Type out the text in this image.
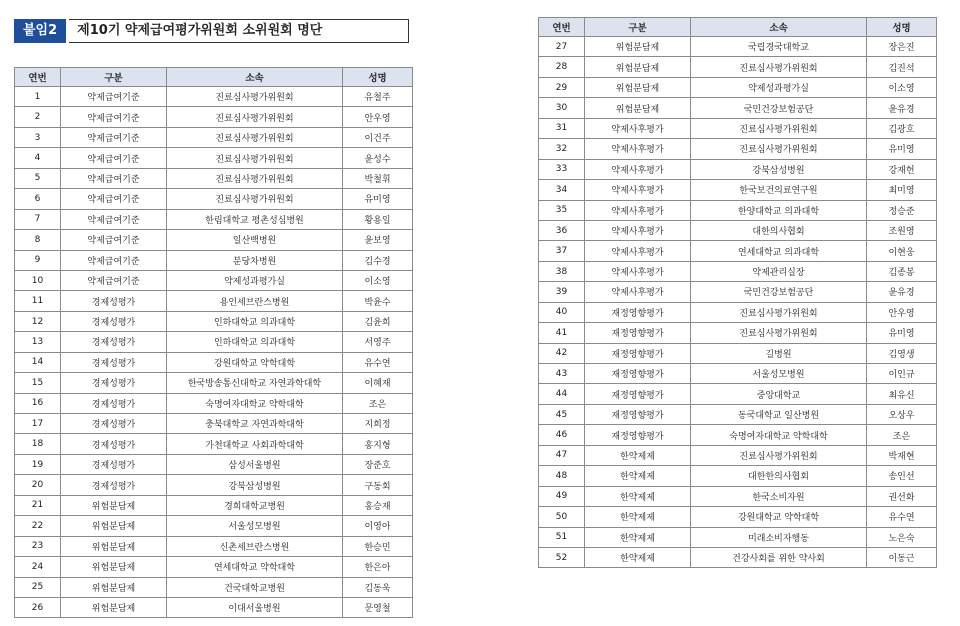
붙임2	제10기 약제급여평가위원회 소위원회 명단
연번	구분	소속	성명
1	약제급여기준	진료심사평가위원회	유철주
2	약제급여기준	진료심사평가위원회	안우영
3	약제급여기준	진료심사평가위원회	이건주
4	약제급여기준	진료심사평가위원회	윤성수
5	약제급여기준	진료심사평가위원회	박철휘
6	약제급여기준	진료심사평가위원회	유미영
7	약제급여기준	한림대학교 평촌성심병원	황용일
8	약제급여기준	일산백병원	윤보영
9	약제급여기준	분당차병원	김수경
10	약제급여기준	약제성과평가실	이소영
11	경제성평가	용인세브란스병원	박윤수
12	경제성평가	인하대학교 의과대학	김윤희
13	경제성평가	인하대학교 의과대학	서영주
14	경제성평가	강원대학교 약학대학	유수연
15	경제성평가	한국방송통신대학교 자연과학대학	이혜재
16	경제성평가	숙명여자대학교 약학대학	조은
17	경제성평가	충북대학교 자연과학대학	지희정
18	경제성평가	가천대학교 사회과학대학	홍지형
19	경제성평가	삼성서울병원	장준호
20	경제성평가	강북삼성병원	구동회
21	위험분담제	경희대학교병원	홍승재
22	위험분담제	서울성모병원	이영아
23	위험분담제	신촌세브란스병원	한승민
24	위험분담제	연세대학교 약학대학	한은아
25	위험분담제	건국대학교병원	김동욱
26	위험분담제	이대서울병원	문영철
연번	구분	소속	성명
27	위험분담제	국립경국대학교	장은진
28	위험분담제	진료심사평가위원회	김진석
29	위험분담제	약제성과평가실	이소영
30	위험분담제	국민건강보험공단	윤유경
31	약제사후평가	진료심사평가위원회	김광호
32	약제사후평가	진료심사평가위원회	유미영
33	약제사후평가	강북삼성병원	강재헌
34	약제사후평가	한국보건의료연구원	최미영
35	약제사후평가	한양대학교 의과대학	정승준
36	약제사후평가	대한의사협회	조원영
37	약제사후평가	연세대학교 의과대학	이현웅
38	약제사후평가	약제관리실장	김종봉
39	약제사후평가	국민건강보험공단	윤유경
40	재정영향평가	진료심사평가위원회	안우영
41	재정영향평가	진료심사평가위원회	유미영
42	재정영향평가	길병원	김영생
43	재정영향평가	서울성모병원	이인규
44	재정영향평가	중앙대학교	최유신
45	재정영향평가	동국대학교 일산병원	오상우
46	재정영향평가	숙명여자대학교 약학대학	조은
47	한약제제	진료심사평가위원회	박재현
48	한약제제	대한한의사협회	송인선
49	한약제제	한국소비자원	권선화
50	한약제제	강원대학교 약학대학	유수연
51	한약제제	미래소비자행동	노은숙
52	한약제제	건강사회를 위한 약사회	이동근
